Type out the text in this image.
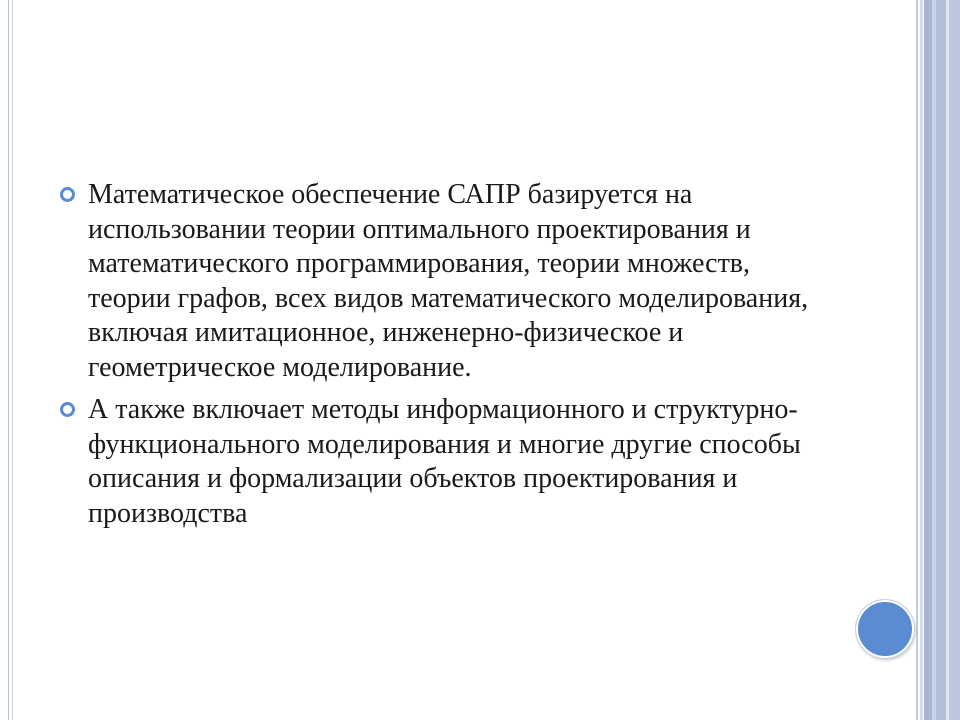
Математическое обеспечение САПР базируется на использовании теории оптимального проектирования и математического программирования, теории множеств, теории графов, всех видов математического моделирования, включая имитационное, инженерно-физическое и геометрическое моделирование.
А также включает методы информационного и структурно-функционального моделирования и многие другие способы описания и формализации объектов проектирования и производства
